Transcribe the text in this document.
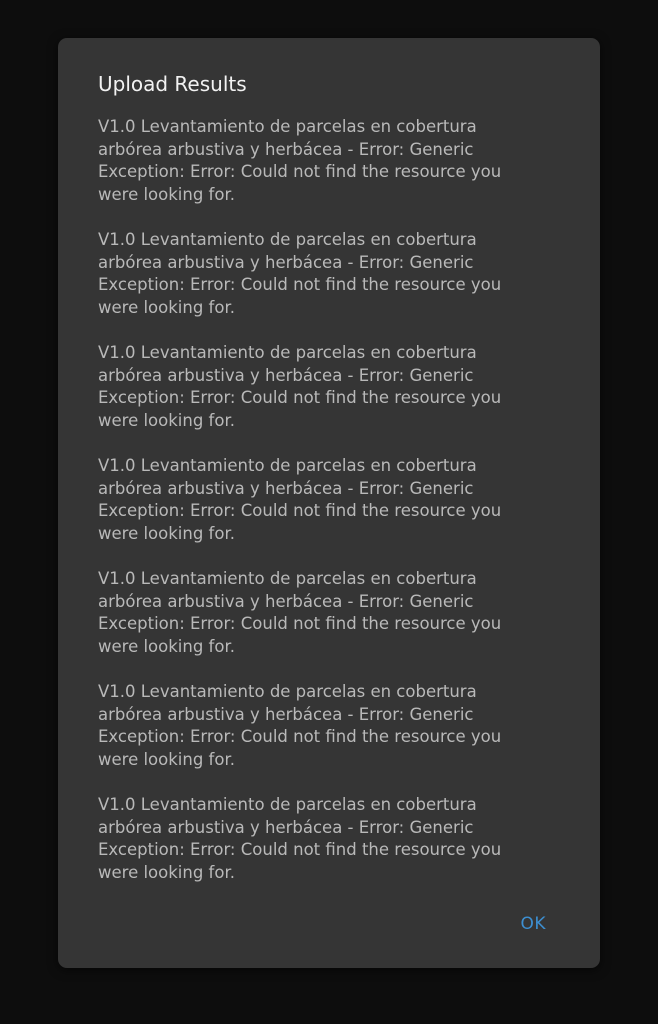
Upload Results

V1.0 Levantamiento de parcelas en cobertura arbórea arbustiva y herbácea - Error: Generic Exception: Error: Could not find the resource you were looking for.

V1.0 Levantamiento de parcelas en cobertura arbórea arbustiva y herbácea - Error: Generic Exception: Error: Could not find the resource you were looking for.

V1.0 Levantamiento de parcelas en cobertura arbórea arbustiva y herbácea - Error: Generic Exception: Error: Could not find the resource you were looking for.

V1.0 Levantamiento de parcelas en cobertura arbórea arbustiva y herbácea - Error: Generic Exception: Error: Could not find the resource you were looking for.

V1.0 Levantamiento de parcelas en cobertura arbórea arbustiva y herbácea - Error: Generic Exception: Error: Could not find the resource you were looking for.

V1.0 Levantamiento de parcelas en cobertura arbórea arbustiva y herbácea - Error: Generic Exception: Error: Could not find the resource you were looking for.

V1.0 Levantamiento de parcelas en cobertura arbórea arbustiva y herbácea - Error: Generic Exception: Error: Could not find the resource you were looking for.

OK
